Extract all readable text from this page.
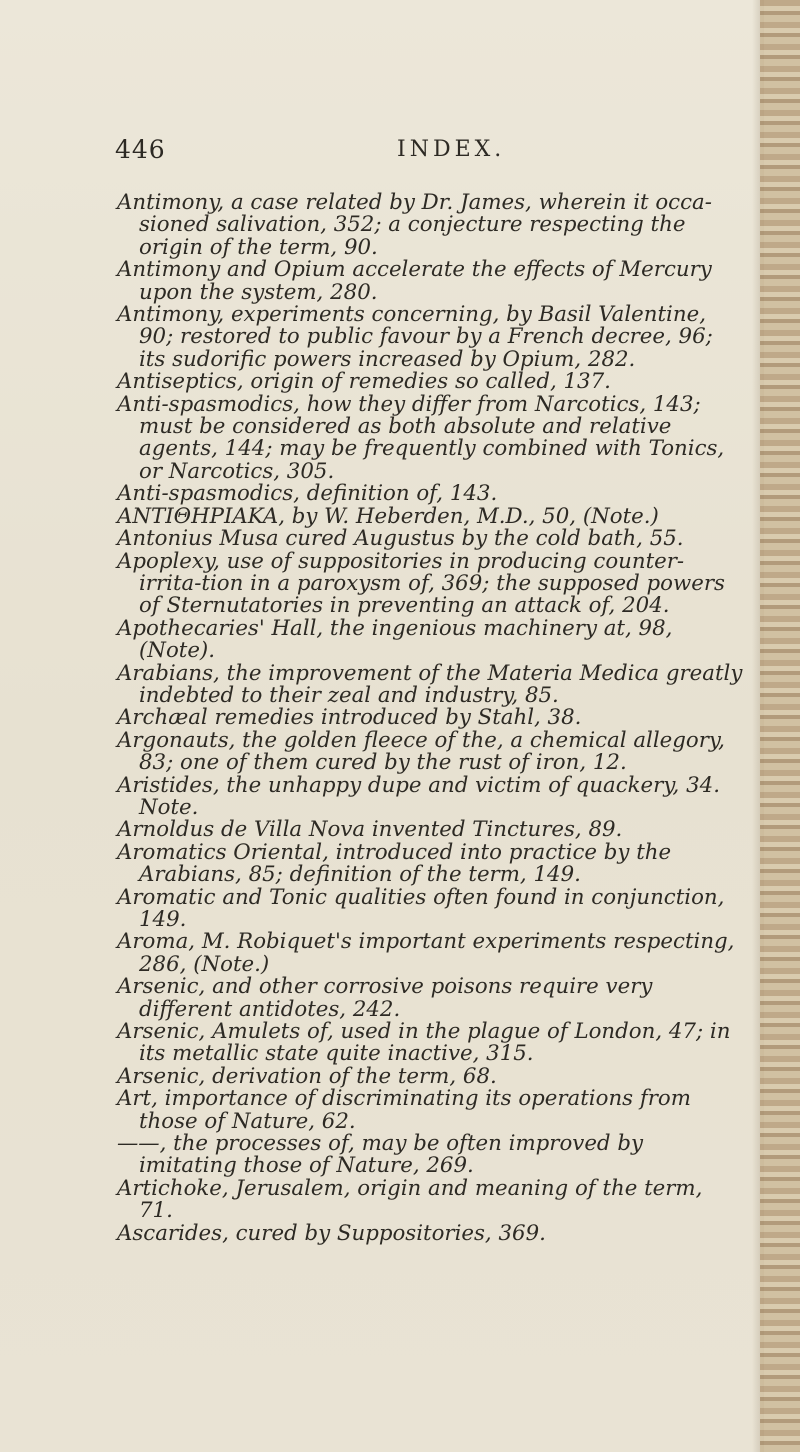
446	INDEX.

Antimony, a case related by Dr. James, wherein it occa-sioned salivation, 352; a conjecture respecting the origin of the term, 90.

Antimony and Opium accelerate the effects of Mercury upon the system, 280.

Antimony, experiments concerning, by Basil Valentine, 90; restored to public favour by a French decree, 96; its sudorific powers increased by Opium, 282.

Antiseptics, origin of remedies so called, 137.

Anti-spasmodics, how they differ from Narcotics, 143; must be considered as both absolute and relative agents, 144; may be frequently combined with Tonics, or Narcotics, 305.

Anti-spasmodics, definition of, 143.

ANTIΘHPIAKA, by W. Heberden, M.D., 50, (Note.)

Antonius Musa cured Augustus by the cold bath, 55.

Apoplexy, use of suppositories in producing counter-irrita-tion in a paroxysm of, 369; the supposed powers of Sternutatories in preventing an attack of, 204.

Apothecaries' Hall, the ingenious machinery at, 98, (Note).

Arabians, the improvement of the Materia Medica greatly indebted to their zeal and industry, 85.

Archæal remedies introduced by Stahl, 38.

Argonauts, the golden fleece of the, a chemical allegory, 83; one of them cured by the rust of iron, 12.

Aristides, the unhappy dupe and victim of quackery, 34. Note.

Arnoldus de Villa Nova invented Tinctures, 89.

Aromatics Oriental, introduced into practice by the Arabians, 85; definition of the term, 149.

Aromatic and Tonic qualities often found in conjunction, 149.

Aroma, M. Robiquet's important experiments respecting, 286, (Note.)

Arsenic, and other corrosive poisons require very different antidotes, 242.

Arsenic, Amulets of, used in the plague of London, 47; in its metallic state quite inactive, 315.

Arsenic, derivation of the term, 68.

Art, importance of discriminating its operations from those of Nature, 62.

——, the processes of, may be often improved by imitating those of Nature, 269.

Artichoke, Jerusalem, origin and meaning of the term, 71.

Ascarides, cured by Suppositories, 369.
